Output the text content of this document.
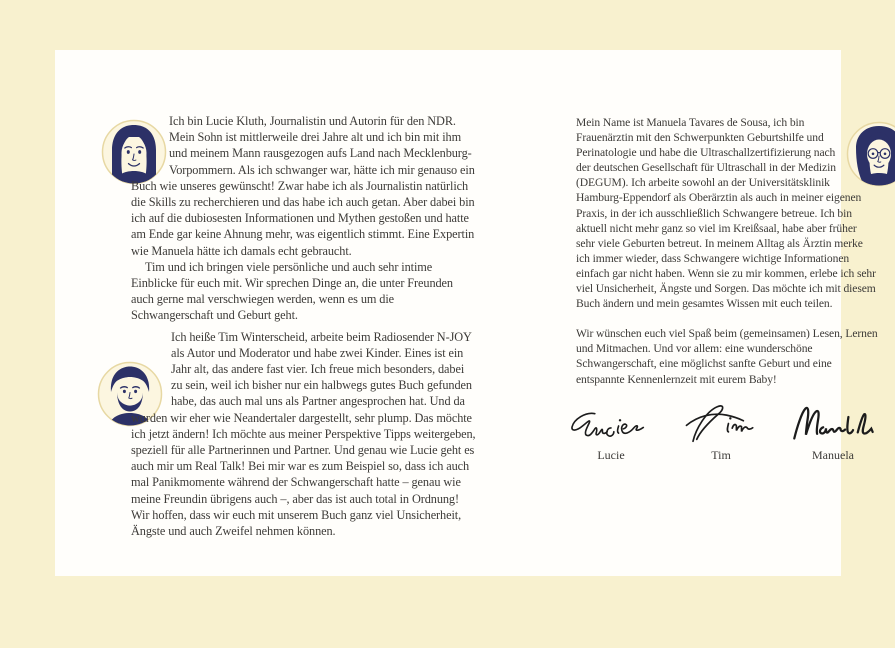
Ich bin Lucie Kluth, Journalistin und Autorin für den NDR. Mein Sohn ist mittlerweile drei Jahre alt und ich bin mit ihm und meinem Mann rausgezogen aufs Land nach Mecklenburg-Vorpommern. Als ich schwanger war, hätte ich mir genauso ein Buch wie unseres gewünscht! Zwar habe ich als Journalistin natürlich die Skills zu recherchieren und das habe ich auch getan. Aber dabei bin ich auf die dubiosesten Informationen und Mythen gestoßen und hatte am Ende gar keine Ahnung mehr, was eigentlich stimmt. Eine Expertin wie Manuela hätte ich damals echt gebraucht.

Tim und ich bringen viele persönliche und auch sehr intime Einblicke für euch mit. Wir sprechen Dinge an, die unter Freunden auch gerne mal verschwiegen werden, wenn es um die Schwangerschaft und Geburt geht.

Ich heiße Tim Winterscheid, arbeite beim Radiosender N-JOY als Autor und Moderator und habe zwei Kinder. Eines ist ein Jahr alt, das andere fast vier. Ich freue mich besonders, dabei zu sein, weil ich bisher nur ein halbwegs gutes Buch gefunden habe, das auch mal uns als Partner angesprochen hat. Und da wurden wir eher wie Neandertaler dargestellt, sehr plump. Das möchte ich jetzt ändern! Ich möchte aus meiner Perspektive Tipps weitergeben, speziell für alle Partnerinnen und Partner. Und genau wie Lucie geht es auch mir um Real Talk! Bei mir war es zum Beispiel so, dass ich auch mal Panikmomente während der Schwangerschaft hatte – genau wie meine Freundin übrigens auch –, aber das ist auch total in Ordnung! Wir hoffen, dass wir euch mit unserem Buch ganz viel Unsicherheit, Ängste und auch Zweifel nehmen können.

Mein Name ist Manuela Tavares de Sousa, ich bin Frauenärztin mit den Schwerpunkten Geburtshilfe und Perinatologie und habe die Ultraschallzertifizierung nach der deutschen Gesellschaft für Ultraschall in der Medizin (DEGUM). Ich arbeite sowohl an der Universitätsklinik Hamburg-Eppendorf als Oberärztin als auch in meiner eigenen Praxis, in der ich ausschließlich Schwangere betreue. Ich bin aktuell nicht mehr ganz so viel im Kreißsaal, habe aber früher sehr viele Geburten betreut. In meinem Alltag als Ärztin merke ich immer wieder, dass Schwangere wichtige Informationen einfach gar nicht haben. Wenn sie zu mir kommen, erlebe ich sehr viel Unsicherheit, Ängste und Sorgen. Das möchte ich mit diesem Buch ändern und mein gesamtes Wissen mit euch teilen.

Wir wünschen euch viel Spaß beim (gemeinsamen) Lesen, Lernen und Mitmachen. Und vor allem: eine wunderschöne Schwangerschaft, eine möglichst sanfte Geburt und eine entspannte Kennenlernzeit mit eurem Baby!

Lucie	Tim	Manuela
